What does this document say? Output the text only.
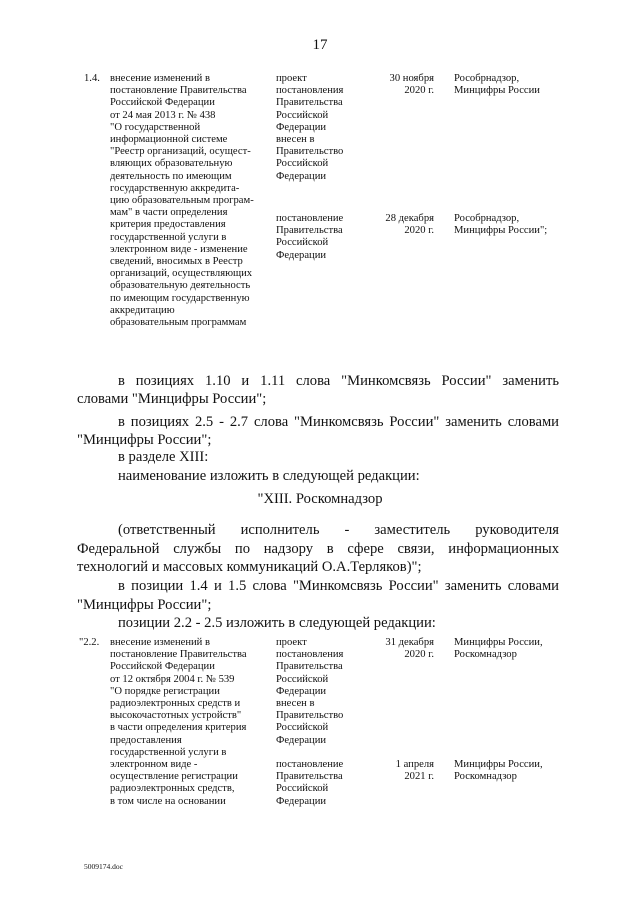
17
1.4. внесение изменений в
постановление Правительства
Российской Федерации
от 24 мая 2013 г. № 438
"О государственной
информационной системе
"Реестр организаций, осущест-
вляющих образовательную
деятельность по имеющим
государственную аккредита-
цию образовательным програм-
мам" в части определения
критерия предоставления
государственной услуги в
электронном виде - изменение
сведений, вносимых в Реестр
организаций, осуществляющих
образовательную деятельность
по имеющим государственную
аккредитацию
образовательным программам
проект
постановления
Правительства
Российской
Федерации
внесен в
Правительство
Российской
Федерации
постановление
Правительства
Российской
Федерации
30 ноября
2020 г.
28 декабря
2020 г.
Рособрнадзор,
Минцифры России
Рособрнадзор,
Минцифры России";
в позициях 1.10 и 1.11 слова "Минкомсвязь России" заменить
словами "Минцифры России";
в позициях 2.5 - 2.7 слова "Минкомсвязь России" заменить словами
"Минцифры России";
в разделе XIII:
наименование изложить в следующей редакции:
"XIII. Роскомнадзор
(ответственный исполнитель - заместитель руководителя
Федеральной службы по надзору в сфере связи, информационных
технологий и массовых коммуникаций О.А.Терляков)";
в позиции 1.4 и 1.5 слова "Минкомсвязь России" заменить словами
"Минцифры России";
позиции 2.2 - 2.5 изложить в следующей редакции:
"2.2. внесение изменений в
постановление Правительства
Российской Федерации
от 12 октября 2004 г. № 539
"О порядке регистрации
радиоэлектронных средств и
высокочастотных устройств"
в части определения критерия
предоставления
государственной услуги в
электронном виде -
осуществление регистрации
радиоэлектронных средств,
в том числе на основании
проект
постановления
Правительства
Российской
Федерации
внесен в
Правительство
Российской
Федерации
постановление
Правительства
Российской
Федерации
31 декабря
2020 г.
1 апреля
2021 г.
Минцифры России,
Роскомнадзор
Минцифры России,
Роскомнадзор
5009174.doc
